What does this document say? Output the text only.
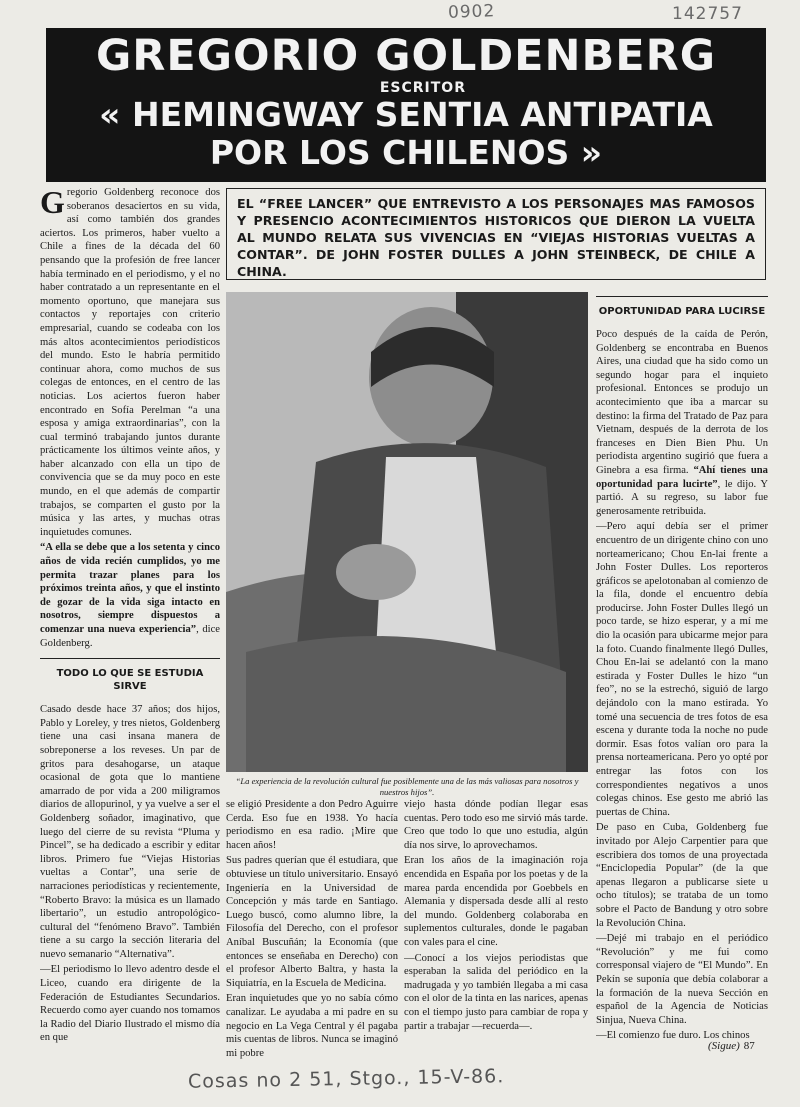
0902	142757
GREGORIO GOLDENBERG
ESCRITOR
« HEMINGWAY SENTIA ANTIPATIA
POR LOS CHILENOS »
EL “FREE LANCER” QUE ENTREVISTO A LOS PERSONAJES MAS FAMOSOS Y PRESENCIO ACONTECIMIENTOS HISTORICOS QUE DIERON LA VUELTA AL MUNDO RELATA SUS VIVENCIAS EN “VIEJAS HISTORIAS VUELTAS A CONTAR”. DE JOHN FOSTER DULLES A JOHN STEINBECK, DE CHILE A CHINA.

Gregorio Goldenberg reconoce dos soberanos desaciertos en su vida, así como también dos grandes aciertos. Los primeros, haber vuelto a Chile a fines de la década del 60 pensando que la profesión de free lancer había terminado en el periodismo, y el no haber contratado a un representante en el momento oportuno, que manejara sus contactos y reportajes con criterio empresarial, cuando se codeaba con los más altos acontecimientos periodísticos del mundo. Esto le habría permitido continuar ahora, como muchos de sus colegas de entonces, en el centro de las noticias. Los aciertos fueron haber encontrado en Sofía Perelman “a una esposa y amiga extraordinarias”, con la cual terminó trabajando juntos durante prácticamente los últimos veinte años, y haber alcanzado con ella un tipo de convivencia que se da muy poco en este mundo, en el que además de compartir trabajos, se comparten el gusto por la música y las artes, y muchas otras inquietudes comunes.

“A ella se debe que a los setenta y cinco años de vida recién cumplidos, yo me permita trazar planes para los próximos treinta años, y que el instinto de gozar de la vida siga intacto en nosotros, siempre dispuestos a comenzar una nueva experiencia”, dice Goldenberg.

TODO LO QUE SE ESTUDIA SIRVE

Casado desde hace 37 años; dos hijos, Pablo y Loreley, y tres nietos, Goldenberg tiene una casi insana manera de sobreponerse a los reveses. Un par de gritos para desahogarse, un ataque ocasional de gota que lo mantiene amarrado de por vida a 200 miligramos diarios de allopurinol, y ya vuelve a ser el Goldenberg soñador, imaginativo, que luego del cierre de su revista “Pluma y Pincel”, se ha dedicado a escribir y editar libros. Primero fue “Viejas Historias vueltas a Contar”, una serie de narraciones periodísticas y recientemente, “Roberto Bravo: la música es un llamado libertario”, un estudio antropológico-cultural del “fenómeno Bravo”. También tiene a su cargo la sección literaria del nuevo semanario “Alternativa”.

—El periodismo lo llevo adentro desde el Liceo, cuando era dirigente de la Federación de Estudiantes Secundarios. Recuerdo como ayer cuando nos tomamos la Radio del Diario Ilustrado el mismo día en que

“La experiencia de la revolución cultural fue posiblemente una de las más valiosas para nosotros y nuestros hijos”.
OPORTUNIDAD PARA LUCIRSE

Poco después de la caída de Perón, Goldenberg se encontraba en Buenos Aires, una ciudad que ha sido como un segundo hogar para el inquieto profesional. Entonces se produjo un acontecimiento que iba a marcar su destino: la firma del Tratado de Paz para Vietnam, después de la derrota de los franceses en Dien Bien Phu. Un periodista argentino sugirió que fuera a Ginebra a esa firma. “Ahí tienes una oportunidad para lucirte”, le dijo. Y partió. A su regreso, su labor fue generosamente retribuida.

—Pero aquí debía ser el primer encuentro de un dirigente chino con uno norteamericano; Chou En-lai frente a John Foster Dulles. Los reporteros gráficos se apelotonaban al comienzo de la fila, donde el encuentro debía producirse. John Foster Dulles llegó un poco tarde, se hizo esperar, y a mí me dio la ocasión para ubicarme mejor para la foto. Cuando finalmente llegó Dulles, Chou En-lai se adelantó con la mano estirada y Foster Dulles le hizo “un feo”, no se la estrechó, siguió de largo dejándolo con la mano estirada. Yo tomé una secuencia de tres fotos de esa escena y durante toda la noche no pude dormir. Esas fotos valían oro para la prensa norteamericana. Pero yo opté por entregar las fotos con los correspondientes negativos a unos colegas chinos. Ese gesto me abrió las puertas de China.

De paso en Cuba, Goldenberg fue invitado por Alejo Carpentier para que escribiera dos tomos de una proyectada “Enciclopedia Popular” (de la que apenas llegaron a publicarse siete u ocho títulos); se trataba de un tomo sobre el Pacto de Bandung y otro sobre la Revolución China.

—Dejé mi trabajo en el periódico “Revolución” y me fui como corresponsal viajero de “El Mundo”. En Pekín se suponía que debía colaborar a la formación de la nueva Sección en español de la Agencia de Noticias Sinjua, Nueva China.

—El comienzo fue duro. Los chinos

se eligió Presidente a don Pedro Aguirre Cerda. Eso fue en 1938. Yo hacía periodismo en esa radio. ¡Mire que hacen años!

Sus padres querían que él estudiara, que obtuviese un título universitario. Ensayó Ingeniería en la Universidad de Concepción y más tarde en Santiago. Luego buscó, como alumno libre, la Filosofía del Derecho, con el profesor Aníbal Buscuñán; la Economía (que entonces se enseñaba en Derecho) con el profesor Alberto Baltra, y hasta la Siquiatría, en la Escuela de Medicina.

Eran inquietudes que yo no sabía cómo canalizar. Le ayudaba a mi padre en su negocio en La Vega Central y él pagaba mis cuentas de libros. Nunca se imaginó mi pobre

viejo hasta dónde podían llegar esas cuentas. Pero todo eso me sirvió más tarde. Creo que todo lo que uno estudia, algún día nos sirve, lo aprovechamos.

Eran los años de la imaginación roja encendida en España por los poetas y de la marea parda encendida por Goebbels en Alemania y dispersada desde allí al resto del mundo. Goldenberg colaboraba en suplementos culturales, donde le pagaban con vales para el cine.

—Conocí a los viejos periodistas que esperaban la salida del periódico en la madrugada y yo también llegaba a mi casa con el olor de la tinta en las narices, apenas con el tiempo justo para cambiar de ropa y partir a trabajar —recuerda—.

(Sigue) 87
Cosas no 2 51, Stgo., 15-V-86.
